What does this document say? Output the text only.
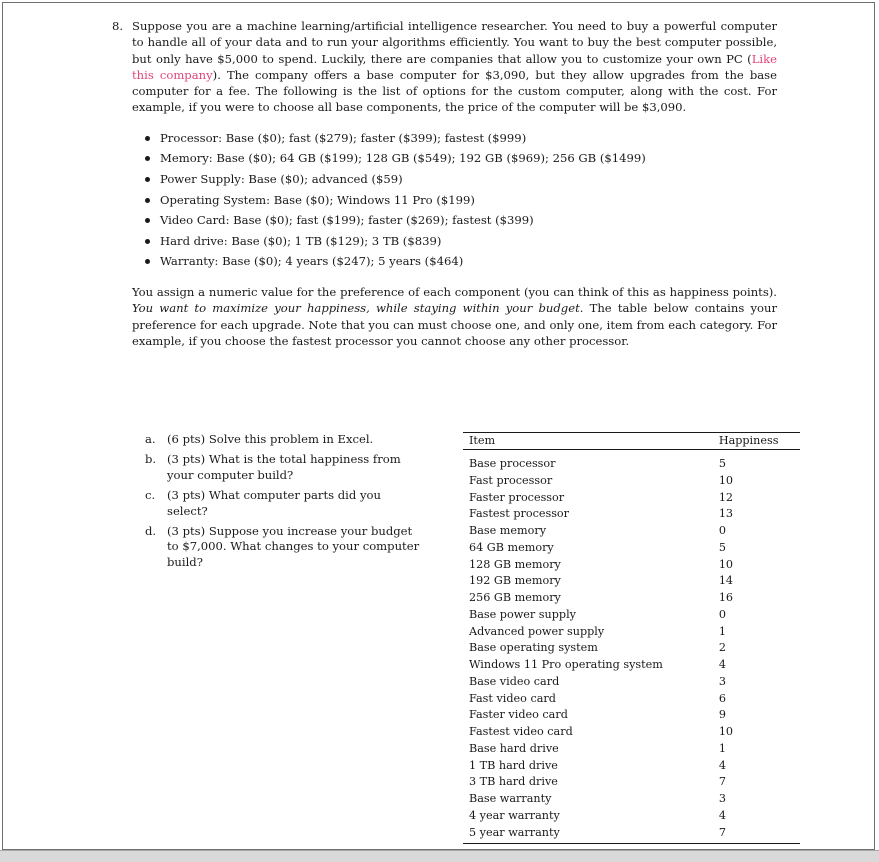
8. Suppose you are a machine learning/artificial intelligence researcher. You need to buy a powerful computer to handle all of your data and to run your algorithms efficiently. You want to buy the best computer possible, but only have $5,000 to spend. Luckily, there are companies that allow you to customize your own PC (Like this company). The company offers a base computer for $3,090, but they allow upgrades from the base computer for a fee. The following is the list of options for the custom computer, along with the cost. For example, if you were to choose all base components, the price of the computer will be $3,090.

Processor: Base ($0); fast ($279); faster ($399); fastest ($999)
Memory: Base ($0); 64 GB ($199); 128 GB ($549); 192 GB ($969); 256 GB ($1499)
Power Supply: Base ($0); advanced ($59)
Operating System: Base ($0); Windows 11 Pro ($199)
Video Card: Base ($0); fast ($199); faster ($269); fastest ($399)
Hard drive: Base ($0); 1 TB ($129); 3 TB ($839)
Warranty: Base ($0); 4 years ($247); 5 years ($464)

You assign a numeric value for the preference of each component (you can think of this as happiness points). You want to maximize your happiness, while staying within your budget. The table below contains your preference for each upgrade. Note that you can must choose one, and only one, item from each category. For example, if you choose the fastest processor you cannot choose any other processor.

a. (6 pts) Solve this problem in Excel.
b. (3 pts) What is the total happiness from your computer build?
c. (3 pts) What computer parts did you select?
d. (3 pts) Suppose you increase your budget to $7,000. What changes to your computer build?
Item	Happiness
Base processor	5
Fast processor	10
Faster processor	12
Fastest processor	13
Base memory	0
64 GB memory	5
128 GB memory	10
192 GB memory	14
256 GB memory	16
Base power supply	0
Advanced power supply	1
Base operating system	2
Windows 11 Pro operating system	4
Base video card	3
Fast video card	6
Faster video card	9
Fastest video card	10
Base hard drive	1
1 TB hard drive	4
3 TB hard drive	7
Base warranty	3
4 year warranty	4
5 year warranty	7
